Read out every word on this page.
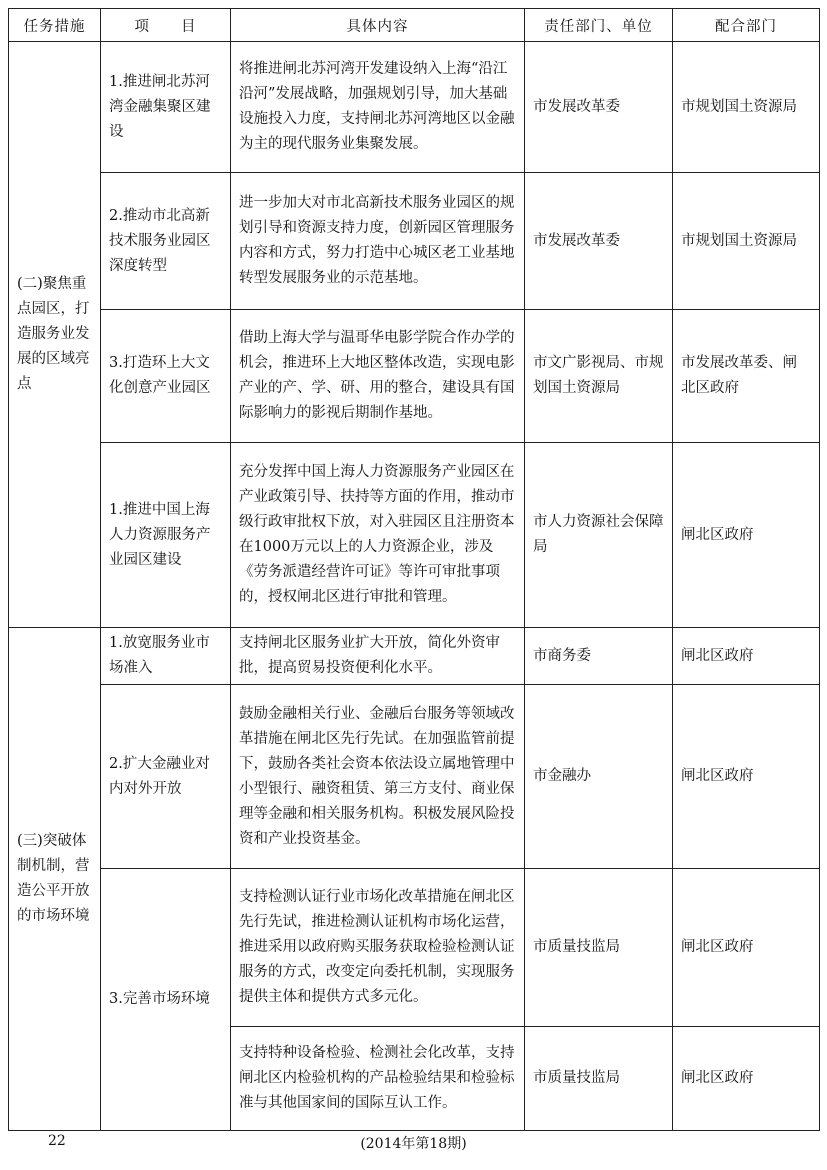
任务措施	项　　目	具体内容	责任部门、单位	配合部门
(二)聚焦重点园区，打造服务业发展的区域亮点	1.推进闸北苏河湾金融集聚区建设	将推进闸北苏河湾开发建设纳入上海“沿江沿河”发展战略，加强规划引导，加大基础设施投入力度，支持闸北苏河湾地区以金融为主的现代服务业集聚发展。	市发展改革委	市规划国土资源局
	2.推动市北高新技术服务业园区深度转型	进一步加大对市北高新技术服务业园区的规划引导和资源支持力度，创新园区管理服务内容和方式，努力打造中心城区老工业基地转型发展服务业的示范基地。	市发展改革委	市规划国土资源局
	3.打造环上大文化创意产业园区	借助上海大学与温哥华电影学院合作办学的机会，推进环上大地区整体改造，实现电影产业的产、学、研、用的整合，建设具有国际影响力的影视后期制作基地。	市文广影视局、市规划国土资源局	市发展改革委、闸北区政府
	1.推进中国上海人力资源服务产业园区建设	充分发挥中国上海人力资源服务产业园区在产业政策引导、扶持等方面的作用，推动市级行政审批权下放，对入驻园区且注册资本在1000万元以上的人力资源企业，涉及《劳务派遣经营许可证》等许可审批事项的，授权闸北区进行审批和管理。	市人力资源社会保障局	闸北区政府
(三)突破体制机制，营造公平开放的市场环境	1.放宽服务业市场准入	支持闸北区服务业扩大开放，简化外资审批，提高贸易投资便利化水平。	市商务委	闸北区政府
	2.扩大金融业对内对外开放	鼓励金融相关行业、金融后台服务等领域改革措施在闸北区先行先试。在加强监管前提下，鼓励各类社会资本依法设立属地管理中小型银行、融资租赁、第三方支付、商业保理等金融和相关服务机构。积极发展风险投资和产业投资基金。	市金融办	闸北区政府
	3.完善市场环境	支持检测认证行业市场化改革措施在闸北区先行先试，推进检测认证机构市场化运营，推进采用以政府购买服务获取检验检测认证服务的方式，改变定向委托机制，实现服务提供主体和提供方式多元化。	市质量技监局	闸北区政府
		支持特种设备检验、检测社会化改革，支持闸北区内检验机构的产品检验结果和检验标准与其他国家间的国际互认工作。	市质量技监局	闸北区政府
22	(2014年第18期)
